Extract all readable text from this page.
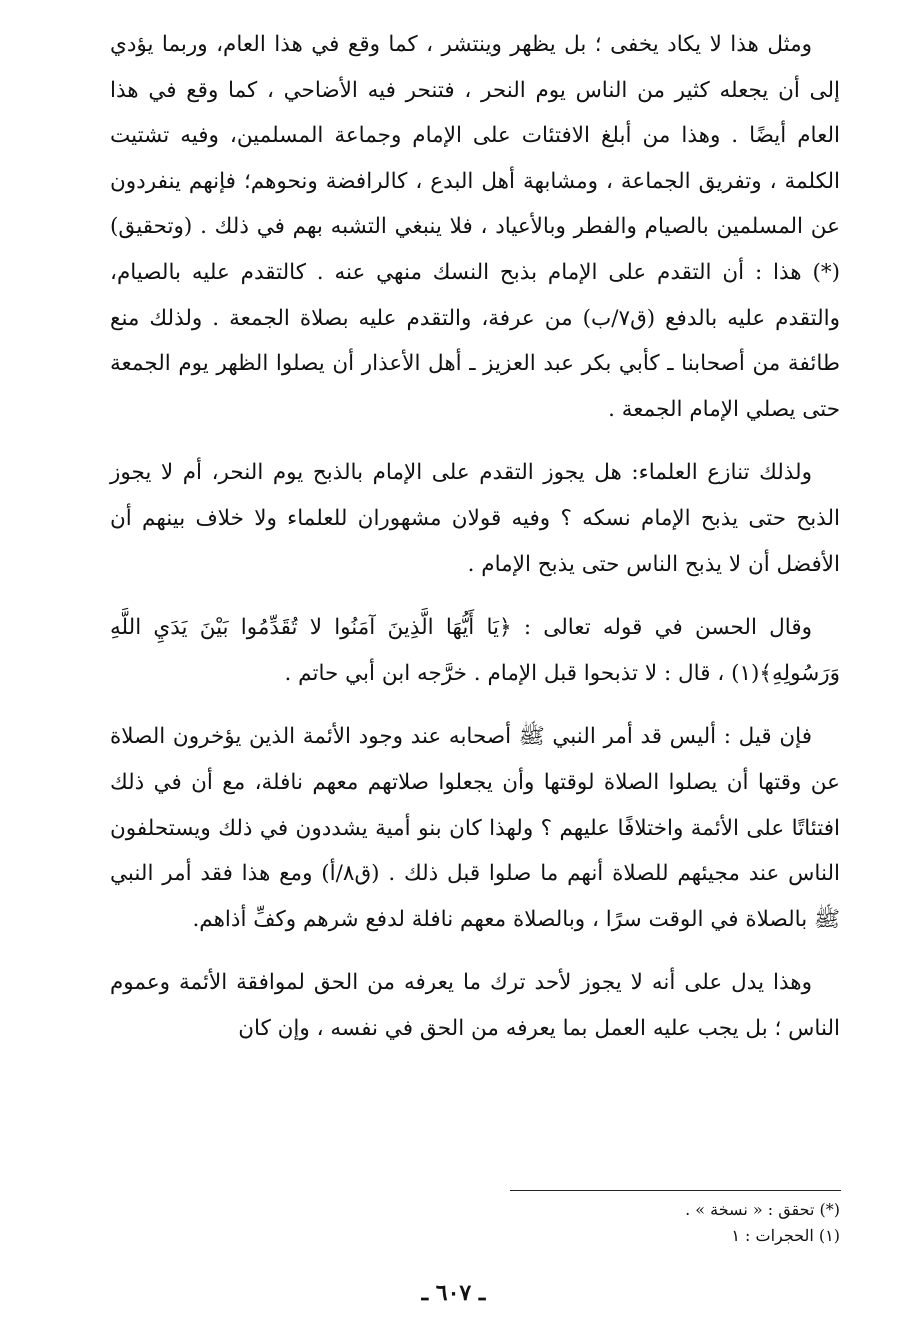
ومثل هذا لا يكاد يخفى ؛ بل يظهر وينتشر ، كما وقع في هذا العام، وربما يؤدي إلى أن يجعله كثير من الناس يوم النحر ، فتنحر فيه الأضاحي ، كما وقع في هذا العام أيضًا . وهذا من أبلغ الافتئات على الإمام وجماعة المسلمين، وفيه تشتيت الكلمة ، وتفريق الجماعة ، ومشابهة أهل البدع ، كالرافضة ونحوهم؛ فإنهم ينفردون عن المسلمين بالصيام والفطر وبالأعياد ، فلا ينبغي التشبه بهم في ذلك . (وتحقيق)(*) هذا : أن التقدم على الإمام بذبح النسك منهي عنه . كالتقدم عليه بالصيام، والتقدم عليه بالدفع (ق٧/ب) من عرفة، والتقدم عليه بصلاة الجمعة . ولذلك منع طائفة من أصحابنا ـ كأبي بكر عبد العزيز ـ أهل الأعذار أن يصلوا الظهر يوم الجمعة حتى يصلي الإمام الجمعة .

ولذلك تنازع العلماء: هل يجوز التقدم على الإمام بالذبح يوم النحر، أم لا يجوز الذبح حتى يذبح الإمام نسكه ؟ وفيه قولان مشهوران للعلماء ولا خلاف بينهم أن الأفضل أن لا يذبح الناس حتى يذبح الإمام .

وقال الحسن في قوله تعالى : ﴿يَا أَيُّهَا الَّذِينَ آمَنُوا لا تُقَدِّمُوا بَيْنَ يَدَيِ اللَّهِ وَرَسُولِهِ﴾(١) ، قال : لا تذبحوا قبل الإمام . خرَّجه ابن أبي حاتم .

فإن قيل : أليس قد أمر النبي ﷺ أصحابه عند وجود الأئمة الذين يؤخرون الصلاة عن وقتها أن يصلوا الصلاة لوقتها وأن يجعلوا صلاتهم معهم نافلة، مع أن في ذلك افتئاتًا على الأئمة واختلافًا عليهم ؟ ولهذا كان بنو أمية يشددون في ذلك ويستحلفون الناس عند مجيئهم للصلاة أنهم ما صلوا قبل ذلك . (ق٨/أ) ومع هذا فقد أمر النبي ﷺ بالصلاة في الوقت سرًا ، وبالصلاة معهم نافلة لدفع شرهم وكفِّ أذاهم.

وهذا يدل على أنه لا يجوز لأحد ترك ما يعرفه من الحق لموافقة الأئمة وعموم الناس ؛ بل يجب عليه العمل بما يعرفه من الحق في نفسه ، وإن كان

(*) تحقق : « نسخة » .
(١) الحجرات : ١
ـ ٦٠٧ ـ
